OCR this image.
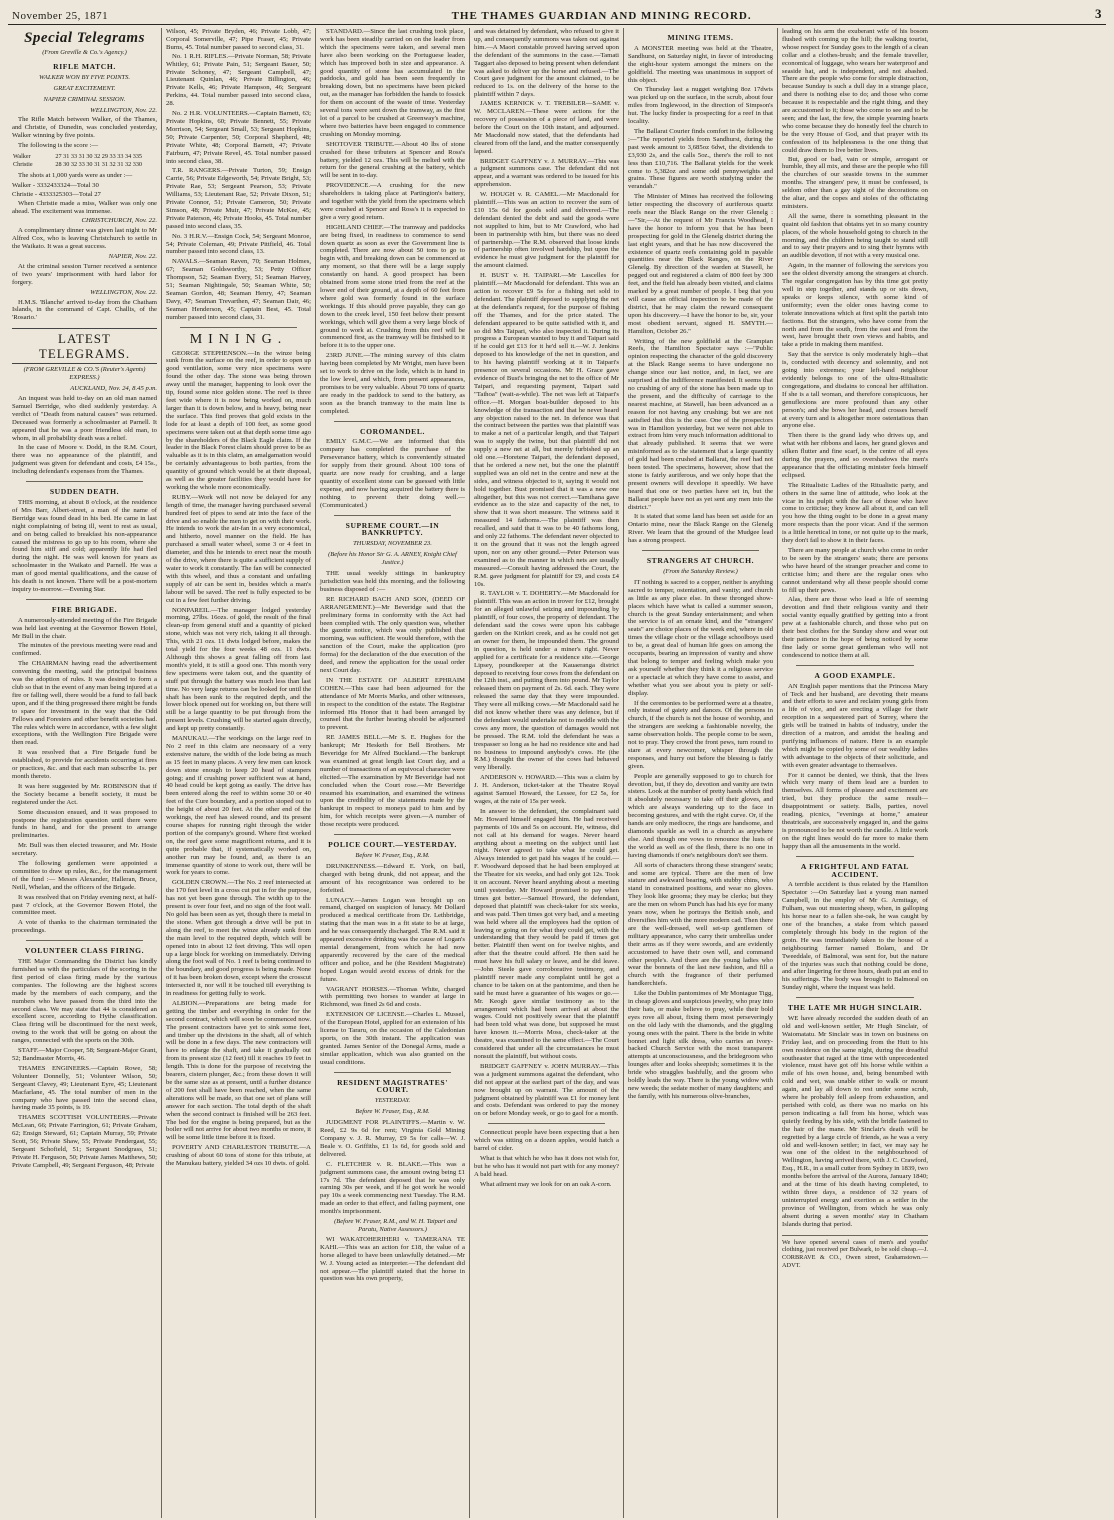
November 25, 1871	THE THAMES GUARDIAN AND MINING RECORD.	3
Special Telegrams
(From Greville & Co.'s Agency.)
RIFLE MATCH.
WALKER WON BY FIVE POINTS.
GREAT EXCITEMENT.
NAPIER CRIMINAL SESSION.
WELLINGTON, Nov. 22.

The Rifle Match between Walker, of the Thames, and Christie, of Dunedin, was concluded yesterday, Walker winning by five points.

The following is the score :—

Walker	27 31 33 31 30 32 29 33 33 34 335
Christie	28 30 32 33 30 31 31 32 31 32 330

The shots at 1,000 yards were as under :—

Walker - 3332433324—Total 30

Christie - 4333325303—Total 27

When Christie made a miss, Walker was only one ahead. The excitement was immense.

CHRISTCHURCH, Nov. 22.

A complimentary dinner was given last night to Mr Alfred Cox, who is leaving Christchurch to settle in the Waikato. It was a great success.

NAPIER, Nov. 22.

At the criminal session Turner received a sentence of two years' imprisonment with hard labor for forgery.

WELLINGTON, Nov. 22.

H.M.S. 'Blanche' arrived to-day from the Chatham Islands, in the command of Capt. Challis, of the 'Rosario.'

LATEST TELEGRAMS.
(FROM GREVILLE & CO.'S (Reuter's Agents) EXPRESS.)
AUCKLAND, Nov. 24, 8.45 p.m.

An inquest was held to-day on an old man named Samuel Berridge, who died suddenly yesterday. A verdict of "Death from natural causes" was returned. Deceased was formerly a schoolmaster at Parnell. It appeared that he was a poor friendless old man, to whom, in all probability death was a relief.

In the case of Moore v. Dodd, in the R.M. Court, there was no appearance of the plaintiff, and judgment was given for defendant and costs, £4 15s., including defendant's expenses from the Thames.

SUDDEN DEATH.

THIS morning, at about 8 o'clock, at the residence of Mrs Barr, Albert-street, a man of the name of Berridge was found dead in his bed. He came in last night complaining of being ill, went to rest as usual, and on being called to breakfast his non-appearance caused the mistress to go up to his room, where she found him stiff and cold; apparently life had fled during the night. He was well known for years as schoolmaster in the Waikato and Parnell. He was a man of good mental qualifications, and the cause of his death is not known. There will be a post-mortem inquiry to-morrow.—Evening Star.

FIRE BRIGADE.

A numerously-attended meeting of the Fire Brigade was held last evening at the Governor Bowen Hotel, Mr Bull in the chair.

The minutes of the previous meeting were read and confirmed.

The CHAIRMAN having read the advertisement convening the meeting, said the principal business was the adoption of rules. It was desired to form a club so that in the event of any man being injured at a fire or falling well, there would be a fund to fall back upon, and if the thing progressed there might be funds to spare for investment in the way that the Odd Fellows and Foresters and other benefit societies had. The rules which were in accordance, with a few slight exceptions, with the Wellington Fire Brigade were then read.

It was resolved that a Fire Brigade fund be established, to provide for accidents occurring at fires or practices, &c. and that each man subscribe 1s. per month thereto.

It was here suggested by Mr. ROBINSON that if the Society became a benefit society, it must be registered under the Act.

Some discussion ensued, and it was proposed to postpone the registration question until there were funds in hand, and for the present to arrange preliminaries.

Mr. Bull was then elected treasurer, and Mr. Hosie secretary.

The following gentlemen were appointed a committee to draw up rules, &c., for the management of the fund :— Messrs Alexander, Halleran, Bruce, Neill, Whelan, and the officers of the Brigade.

It was resolved that on Friday evening next, at half-past 7 o'clock, at the Governor Bowen Hotel, the committee meet.

A vote of thanks to the chairman terminated the proceedings.

VOLUNTEER CLASS FIRING.

THE Major Commanding the District has kindly furnished us with the particulars of the scoring in the first period of class firing made by the various companies. The following are the highest scores made by the members of each company, and the numbers who have passed from the third into the second class. We may state that 44 is considered an excellent score, according to Hythe classification. Class firing will be discontinued for the next week, owing to the work that will be going on about the ranges, connected with the sports on the 30th.

STAFF.—Major Cooper, 58; Sergeant-Major Grant, 52; Bandmaster Morris, 46.

THAMES ENGINEERS.—Captain Rowe, 58; Volunteer Donnelly, 51; Volunteer Wilson, 50; Sergeant Clavey, 49; Lieutenant Eyre, 45; Lieutenant Macfarlane, 45. The total number of men in the company who have passed into the second class, having made 35 points, is 19.

THAMES SCOTTISH VOLUNTEERS.—Private McLean, 66; Private Farrington, 61; Private Graham, 62; Ensign Steward, 61; Captain Murray, 59; Private Scott, 56; Private Shaw, 55; Private Pendergast, 55; Sergeant Schofield, 51; Sergeant Snodgrass, 51; Private H. Ferguson, 50; Private James Matthews, 50; Private Campbell, 49; Sergeant Ferguson, 48; Private

Wilson, 45; Private Bryden, 46; Private Lobb, 47; Corporal Somerville, 47; Pipe Fraser, 45; Private Burns, 45. Total number passed to second class, 31.

No. 1 R.H. RIFLES.—Private Norman, 58; Private Whitley, 61; Private Pain, 51; Sergeant Bauer, 50; Private Schoney, 47; Sergeant Campbell, 47; Lieutenant Quinlan, 46; Private Billington, 46; Private Kells, 46; Private Hampson, 46; Sergeant Perkins, 44. Total number passed into second class, 28.

No. 2 H.R. VOLUNTEERS.—Captain Barnett, 63; Private Hopkins, 60; Private Bennett, 55; Private Morrison, 54; Sergeant Small, 53; Sergeant Hopkins, 50; Private Carpenter, 50; Corporal Shepherd, 48; Private White, 48; Corporal Barnett, 47; Private Fairburn, 47; Private Revel, 45. Total number passed into second class, 38.

T.R. RANGERS.—Private Turton, 59; Ensign Carrie, 56; Private Edgeworth, 54; Private Bright, 53; Private Rae, 53; Sergeant Pearson, 53; Private Williams, 53; Lieutenant Rae, 52; Private Dixon, 51; Private Connor, 51; Private Cameron, 50; Private Simson, 48; Private Muir, 47; Private McKee, 45; Private Paterson, 46; Private Hooks, 45. Total number passed into second class, 35.

No. 3 H.R.V.—Ensign Cock, 54; Sergeant Monroe, 54; Private Coleman, 49; Private Pittfield, 46. Total number passed into second class, 13.

NAVALS.—Seaman Raven, 70; Seaman Holmes, 67; Seaman Goldsworthy, 53; Petty Officer Thompson, 52; Seaman Every, 51; Seaman Harvey, 51; Seaman Nightingale, 50; Seaman White, 50; Seaman Gordon, 48; Seaman Henry, 47; Seaman Davy, 47; Seaman Trevarthen, 47; Seaman Dair, 46; Seaman Henderson, 45; Captain Best, 45. Total number passed into second class, 31.

MINING.

GEORGE STEPHENSON.—In the winze being sunk from the surface on the reef, in order to open up good ventilation, some very nice specimens were found the other day. The stone was being thrown away until the manager, happening to look over the tip, found some nice golden stone. The reef is three feet wide where it is now being worked on, much larger than it is down below, and is heavy, being near the surface. This find proves that gold exists in the lode for at least a depth of 100 feet, as some good specimens were taken out at that depth some time ago by the shareholders of the Black Eagle claim. If the leader in the Black Forest claim should prove to be as valuable as it is in this claim, an amalgamation would be certainly advantageous to both parties, from the quantity of ground which would be at their disposal, as well as the greater facilities they would have for working the whole more economically.

RUBY.—Work will not now be delayed for any length of time, the manager having purchased several hundred feet of pipes to send air into the face of the drive and so enable the men to get on with their work. He intends to work the air-fan in a very economical, and hitherto, novel manner on the field. He has purchased a small water wheel, some 3 or 4 feet in diameter, and this he intends to erect near the mouth of the drive, where there is quite a sufficient supply of water to work it constantly. The fan will be connected with this wheel, and thus a constant and unfailing supply of air can be sent in, besides which a man's labour will be saved. The reef is fully expected to be cut in a few feet further driving.

NONPAREIL.—The manager lodged yesterday morning, 27lbs. 16ozs. of gold, the result of the final clean-up from general stuff and a quantity of picked stone, which was not very rich, taking it all through. This, with 21 ozs. 11 dwts lodged before, makes the total yield for the four weeks 48 ozs. 11 dwts. Although this shows a great falling off from last month's yield, it is still a good one. This month very few specimens were taken out, and the quantity of stuff put through the battery was much less than last time. No very large returns can be looked for until the shaft has been sunk to the required depth, and the lower block opened out for working on, but there will still be a large quantity to be put through from the present levels. Crushing will be started again directly, and kept up pretty constantly.

MANUKAU.—The workings on the large reef in No 2 reef in this claim are necessary of a very extensive nature, the width of the lode being as much as 15 feet in many places. A very few men can knock down stone enough to keep 20 head of stampers going; and if crushing power sufficient was at hand, 40 head could be kept going as easily. The drive has been entered along the reef to within some 30 or 40 feet of the Cure boundary, and a portion stoped out to the height of about 20 feet. At the other end of the workings, the reef has slewed round, and its present course shapes for running right through the wider portion of the company's ground. Where first worked on, the reef gave some magnificent returns, and it is quite probable that, if systematically worked on, another run may be found, and, as there is an immense quantity of stone to work out, there will be work for years to come.

GOLDEN CROWN.—The No. 2 reef intersected at the 170 feet level in a cross cut put in for the purpose, has not yet been gone through. The width up to the present is over four feet, and no sign of the foot wall. No gold has been seen as yet, though there is metal in the stone. When got through a drive will be put in along the reef, to meet the winze already sunk from the main level to the required depth, which will be opened into in about 12 feet driving. This will open up a large block for working on immediately. Driving along the foot wall of No. 1 reef is being continued to the boundary, and good progress is being made. None of it has been broken down, except where the crosscut intersected it, nor will it be touched till everything is in readiness for getting fully to work.

ALBION.—Preparations are being made for getting the timber and everything in order for the second contract, which will soon be commenced now. The present contractors have yet to sink some feet, and timber up the divisions in the shaft, all of which will be done in a few days. The new contractors will have to enlarge the shaft, and take it gradually out from its present size (12 feet) till it reaches 19 feet in length. This is done for the purpose of receiving the bearers, cistern plunger, &c.; from these down it will be the same size as at present, until a further distance of 200 feet shall have been reached, when the same alterations will be made, so that one set of plans will answer for each section. The total depth of the shaft when the second contract is finished will be 263 feet. The bed for the engine is being prepared, but as the boiler will not arrive for about two months or more, it will be some little time before it is fixed.

POVERTY AND CHARLESTON TRIBUTE.—A crushing of about 60 tons of stone for this tribute, at the Manukau battery, yielded 34 ozs 10 dwts. of gold.

STANDARD.—Since the last crushing took place, work has been steadily carried on on the leader from which the specimens were taken, and several men have also been working on the Portuguese leader, which has improved both in size and appearance. A good quantity of stone has accumulated in the paddocks, and gold has been seen frequently in breaking down, but no specimens have been picked out, as the manager has forbidden the hands to fossick for them on account of the waste of time. Yesterday several tons were sent down the tramway, as the first lot of a parcel to be crushed at Greenway's machine, where two batteries have been engaged to commence crushing on Monday morning.

SHOTOVER TRIBUTE.—About 40 lbs of stone crushed for these tributers at Spencer and Ross's battery, yielded 12 ozs. This will be melted with the return for the general crushing at the battery, which will be sent in to-day.

PROVIDENCE.—A crushing for the new shareholders is taking place at Partington's battery, and together with the yield from the specimens which were crushed at Spencer and Ross's it is expected to give a very good return.

HIGHLAND CHIEF.—The tramway and paddocks are being fixed, in readiness to commence to send down quartz as soon as ever the Government line is completed. There are now about 50 tons to go to begin with, and breaking down can be commenced at any moment, so that there will be a large supply constantly on hand. A good prospect has been obtained from some stone tried from the reef at the lower end of their ground, at a depth of 60 feet from where gold was formerly found in the surface workings. If this should prove payable, they can go down to the creek level, 150 feet below their present workings, which will give them a very large block of ground to work at. Crushing from this reef will be commenced first, as the tramway will be finished to it before it is to the upper one.

23RD JUNE.—The mining survey of this claim having been completed by Mr Wright, men have been set to work to drive on the lode, which is in hand in the low level, and which, from present appearances, promises to be very valuable. About 70 tons of quartz are ready in the paddock to send to the battery, as soon as the branch tramway to the main line is completed.

COROMANDEL.

EMILY G.M.C.—We are informed that this company has completed the purchase of the Perseverance battery, which is conveniently situated for supply from their ground. About 100 tons of quartz are now ready for crushing, and a large quantity of excellent stone can be guessed with little expense, and now having acquired the battery there is nothing to prevent their doing well.—(Communicated.)

SUPREME COURT.—IN BANKRUPTCY.
THURSDAY, NOVEMBER 23.
(Before his Honor Sir G. A. ARNEY, Knight Chief Justice.)

THE usual weekly sittings in bankruptcy jurisdiction was held this morning, and the following business disposed of :—

RE RICHARD BACH AND SON, (DEED OF ARRANGEMENT.)—Mr Beveridge said that the preliminary forms in conformity with the Act had been complied with. The only question was, whether the gazette notice, which was only published that morning, was sufficient. He would therefore, with the sanction of the Court, make the application (pro forma) for the declaration of the due execution of the deed, and renew the application for the usual order next Court day.

IN THE ESTATE OF ALBERT EPHRAIM COHEN.—This case had been adjourned for the attendance of Mr Morris Marks, and other witnesses, in respect to the condition of the estate. The Registrar informed His Honor that it had been arranged by counsel that the further hearing should be adjourned to prevent.

RE JAMES BELL.—Mr S. E. Hughes for the bankrupt; Mr Hesketh for Bell Brothers. Mr Beveridge for Mr Alfred Buckland.—The bankrupt was examined at great length last Court day, and a number of transactions of an equivocal character were elicited.—The examination by Mr Beveridge had not concluded when the Court rose.—Mr Beveridge resumed his examination, and examined the witness upon the credibility of the statements made by the bankrupt in respect to moneys paid to him and by him, for which receipts were given.—A number of those receipts were produced.

POLICE COURT.—YESTERDAY.
Before W. Fraser, Esq., R.M.

DRUNKENNESS.—Edward E. York, on bail, charged with being drunk, did not appear, and the amount of his recognizance was ordered to be forfeited.

LUNACY.—James Logan was brought up on remand, charged on suspicion of lunacy. Mr Dollard produced a medical certificate from Dr. Lethbridge, stating that the man was in a fit state to be at large, and he was consequently discharged. The R.M. said it appeared excessive drinking was the cause of Logan's mental derangement, from which he had now apparently recovered by the care of the medical officer and police, and he (the Resident Magistrate) hoped Logan would avoid excess of drink for the future.

VAGRANT HORSES.—Thomas White, charged with permitting two horses to wander at large in Richmond, was fined 2s 6d and costs.

EXTENSION OF LICENSE.—Charles L. Mussel, of the European Hotel, applied for an extension of his license to Tararu, on the occasion of the Caledonian sports, on the 30th instant. The application was granted. James Senior of the Donegal Arms, made a similar application, which was also granted on the usual conditions.

RESIDENT MAGISTRATES' COURT.
YESTERDAY.
Before W. Fraser, Esq., R.M.

JUDGMENT FOR PLAINTIFFS.—Martin v. W. Reed, £2 9s 6d for rent; Virginia Gold Mining Company v. J. R. Murray, £9 5s for calls—W. J. Beale v. O. Griffiths, £1 1s 6d, for goods sold and delivered.

C. FLETCHER v. R. BLAKE.—This was a judgment summons case, the amount owing being £1 17s 7d. The defendant deposed that he was only earning 30s per week, and if he got work he would pay 10s a week commencing next Tuesday. The R.M. made an order to that effect, and failing payment, one month's imprisonment.

(Before W. Fraser, R.M., and W. H. Taipari and Paratu, Native Assessors.)

WI WAKATOHERIHERI v. TAMERANA TE KAHI.—This was an action for £18, the value of a horse alleged to have been unlawfully detained.—Mr W. J. Young acted as interpreter.—The defendant did not appear.—The plaintiff stated that the horse in question was his own property,

and was detained by defendant, who refused to give it up, and consequently summons was taken out against him.—A Maori constable proved having served upon the defendant of the summons in the case.—Tamati Taggart also deposed to being present when defendant was asked to deliver up the horse and refused.—The Court gave judgment for the amount claimed, to be reduced to 1s. on the delivery of the horse to the plaintiff within 7 days.

JAMES KERNICK v. T. TREBILER—SAME v. W. MCCLAREN.—These were actions for the recovery of possession of a piece of land, and were before the Court on the 10th instant, and adjourned. Mr Macdonald now stated, that the defendants had cleared from off the land, and the matter consequently lapsed.

BRIDGET GAFFNEY v. J. MURRAY.—This was a judgment summons case. The defendant did not appear, and a warrant was ordered to be issued for his apprehension.

W. HOUGH v. R. CAMEL.—Mr Macdonald for plaintiff.—This was an action to recover the sum of £10 15s 6d for goods sold and delivered.—The defendant denied the debt and said the goods were not supplied to him, but to Mr Crawford, who had been in partnership with him, but there was no deed of partnership.—The R.M. observed that loose kinds of partnership often involved hardship, but upon the evidence he must give judgment for the plaintiff for the amount claimed.

H. BUST v. H. TAIPARI.—Mr Lascelles for plaintiff.—Mr Macdonald for defendant. This was an action to recover £9 5s for a fishing net sold to defendant. The plaintiff deposed to supplying the net at the defendant's request, for the purpose of fishing off the Thames, and for the price stated. The defendant appeared to be quite satisfied with it, and so did Mrs Taipari, who also inspected it. During its progress a European wanted to buy it and Taipari said if he could get £13 for it he'd sell it.—W. J. Jenkins deposed to his knowledge of the net in question, and to his having plaintiff working at it in Taipari's presence on several occasions. Mr H. Grace gave evidence of Bust's bringing the net to the office of Mr Taipari, and requesting payment, Taipari said "Taihoa" (wait-a-while). The net was left at Taipari's office.—H. Morgan boat-builder deposed to his knowledge of the transaction and that he never heard any objection raised to the net. In defence was that the contract between the parties was that plaintiff was to make a net of a particular length, and that Taipari was to supply the twine, but that plaintiff did not supply a new net at all, but merely furbished up an old one.—Horetene Taipari, the defendant deposed, that he ordered a new net, but the one the plaintiff supplied was an old net in the centre and new at the sides, and witness objected to it, saying it would not hold together. Bust promised that it was a new one altogether, but this was not correct.—Tamihana gave evidence as to the size and capacity of the net, to show that it was short measure. The witness said it measured 14 fathoms.—The plaintiff was then recalled, and said that it was to be 40 fathoms long, and only 22 fathoms. The defendant never objected to it on the ground that it was not the length agreed upon, nor on any other ground.—Peter Peterson was examined as to the manner in which nets are usually measured.—Consult having addressed the Court, the R.M. gave judgment for plaintiff for £9, and costs £4 10s.

R. TAYLOR v. T. DOHERTY.—Mr Macdonald for plaintiff. This was an action in trover for £12, brought for an alleged unlawful seizing and impounding by plaintiff, of four cows, the property of defendant. The defendant said the cows were upon his cabbage garden on the Kirikiri creek, and as he could not get an owner for them, he impounded them. The ground in question, is held under a miner's right. Never applied for a certificate for a residence site.—George Lipsey, poundkeeper at the Kauaeranga district deposed to receiving four cows from the defendant on the 12th inst., and putting them into pound. Mr Taylor released them on payment of 2s. 6d. each. They were released the same day that they were impounded. They were all milking cows.—Mr Macdonald said he did not know whether there was any defence, but if the defendant would undertake not to meddle with the cows any more, the question of damages would not be pressed. The R.M. told the defendant he was a trespasser so long as he had no residence site and had no business to impound anybody's cows. He (the R.M.) thought the owner of the cows had behaved very liberally.

ANDERSON v. HOWARD.—This was a claim by J. H. Anderson, ticket-taker at the Theatre Royal against Samuel Howard, the Lessee, for £2 5s, for wages, at the rate of 15s per week.

In answer to the defendant, the complainant said Mr. Howard himself engaged him. He had received payments of 10s and 5s on account. He, witness, did not call at his demand for wages. Never heard anything about a meeting on the subject until last night. Never agreed to take what he could get. Always intended to get paid his wages if he could.—F. Woodward deposed that he had been employed at the Theatre for six weeks, and had only got 12s. Took it on account. Never heard anything about a meeting until yesterday. Mr Howard promised to pay when times got better.—Samuel Howard, the defendant, deposed that plaintiff was check-taker for six weeks, and was paid. Then times got very bad, and a meeting was held where all the employees had the option of leaving or going on for what they could get, with the understanding that they would be paid if times got better. Plaintiff then went on for twelve nights, and after that the theatre could afford. He then said he must have his full salary or leave, and he did leave. —John Steele gave corroborative testimony, and plaintiff never made any complaint until he got a chance to be taken on at the pantomime, and then he said he must have a guarantee of his wages or go.—Mr. Keogh gave similar testimony as to the arrangement which had been arrived at about the wages. Could not positively swear that the plaintiff had been told what was done, but supposed he must have known it.—Morris Moss, check-taker at the theatre, was examined to the same effect.—The Court considered that under all the circumstances he must nonsuit the plaintiff, but without costs.

BRIDGET GAFFNEY v. JOHN MURRAY.—This was a judgment summons against the defendant, who did not appear at the earliest part of the day, and was now brought up on warrant. The amount of the judgment obtained by plaintiff was £1 for money lent and costs. Defendant was ordered to pay the money on or before Monday week, or go to gaol for a month.

Connecticut people have been expecting that a hen which was sitting on a dozen apples, would hatch a barrel of cider.

What is that which he who has it does not wish for, but he who has it would not part with for any money? A bald head.

What ailment may we look for on an oak A-corn.

MINING ITEMS.

A MONSTER meeting was held at the Theatre, Sandhurst, on Saturday night, in favor of introducing the eight-hour system amongst the miners on the goldfield. The meeting was unanimous in support of this object.

On Thursday last a nugget weighing 8oz 17dwts was picked up on the surface, in the scrub, about four miles from Inglewood, in the direction of Simpson's hut. The lucky finder is prospecting for a reef in that locality.

The Ballarat Courier finds comfort in the following :—"The reported yields from Sandhurst, during the past week amount to 3,685oz 6dwt, the dividends to £3,930 2s, and the calls 5oz., there's the roll to not less than £10,716. The Ballarat yields for the week come to 5,382oz and some odd pennyweights and grains. These figures are worth studying under the verandah."

The Minister of Mines has received the following letter respecting the discovery of auriferous quartz reefs near the Black Range on the river Glenelg :—"Sir,—At the request of Mr Francis Woodhead, I have the honor to inform you that he has been prospecting for gold in the Glenelg district during the last eight years, and that he has now discovered the existence of quartz reefs containing gold in payable quantities near the Black Ranges, on the River Glenelg. By direction of the warden at Stawell, he pegged out and registered a claim of 800 feet by 300 feet, and the field has already been visited, and claims marked by a great number of people. I beg that you will cause an official inspection to be made of the district, that he may claim the reward consequent upon his discovery.—I have the honor to be, sir, your most obedient servant, signed H. SMYTH.—Hamilton, October 26."

Writing of the new goldfield at the Grampian Reefs, the Hamilton Spectator says :—"Public opinion respecting the character of the gold discovery at the Black Range seems to have undergone no change since our last notice, and, in fact, we are surprised at the indifference manifested. It seems that no crushing of any of the stone has been made up to the present, and the difficulty of carriage to the nearest machine, at Stawell, has been advanced as a reason for not having any crushing; but we are not satisfied that this is the case. One of the prospectors was in Hamilton yesterday, but we were not able to extract from him very much information additional to that already published. It seems that we were misinformed as to the statement that a large quantity of gold had been crushed at Ballarat, the reef had not been tested. The specimens, however, show that the stone is fairly auriferous, and we only hope that the present owners will develope it speedily. We have heard that one or two parties have set in, but the Ballarat people have not as yet sent any men into the district."

It is stated that some land has been set aside for an Ontario mine, near the Black Range on the Glenelg River. We learn that the ground of the Mudgee lead has a strong prospect.

STRANGERS AT CHURCH.
(From the Saturday Review.)

IT nothing is sacred to a copper, neither is anything sacred to temper, ostentation, and vanity; and church as little as any place else. In these thronged show-places which have what is called a summer season, church is the great Sunday entertainment; and when the service is of an ornate kind, and the "strangers' seats" are choice places of the week end, where in old times the village choir or the village schoolboys used to be, a great deal of human life goes on among the occupants, bearing an impression of vanity and show that belong to temper and feeling which make you ask yourself whether they think it a religious service or a spectacle at which they have come to assist, and whether what you see about you is piety or self-display.

If the ceremonies to be performed were at a theatre, only instead of gaiety and dances. Of the persons in church, if the church is not the house of worship, and the strangers are seeking a fashionable novelty, the same observation holds. The people come to be seen, not to pray. They crowd the front pews, turn round to stare at every newcomer, whisper through the responses, and hurry out before the blessing is fairly given.

People are generally supposed to go to church for devotion, but, if they do, devotion and vanity are twin sisters. Look at the number of pretty hands which find it absolutely necessary to take off their gloves, and which are always wandering up to the face in becoming gestures, and with the right curve. Or, if the hands are only mediocre, the rings are handsome, and diamonds sparkle as well in a church as anywhere else. And though one vows to renounce the lusts of the world as well as of the flesh, there is no one in having diamonds if one's neighbours don't see them.

All sorts of characters throng these strangers' seats; and some are typical. There are the men of low stature and awkward bearing, with stubby chins, who stand in constrained positions, and wear no gloves. They look like grooms; they may be clerks; but they are the men on whom Punch has had his eye for many years now, when he portrays the British snob, and diversifies him with the more modern cad. Then there are the well-dressed, well set-up gentlemen of military appearance, who carry their umbrellas under their arms as if they were swords, and are evidently accustomed to have their own will, and command other people's. And there are the young ladies who wear the bonnets of the last new fashion, and fill a church with the fragrance of their perfumed handkerchiefs.

Like the Dublin pantomimes of Mr Montague Tigg, in cheap gloves and suspicious jewelry, who pray into their hats, or make believe to pray, while their bold eyes rove all about, fixing them most perseveringly on the old lady with the diamonds, and the giggling young ones with the paint. There is the bride in white bonnet and light silk dress, who carries an ivory-backed Church Service with the most transparent attempts at unconsciousness, and the bridegroom who lounges after and looks sheepish; sometimes it is the bride who straggles bashfully, and the groom who boldly leads the way. There is the young widow with new weeds; the sedate mother of many daughters; and the family, with his numerous olive-branches,

leading on his arm the exuberant wife of his bosom flushed with coming up the hill; the walking tourist, whose respect for Sunday goes to the length of a clean collar and a clothes-brush; and the female traveller, economical of luggage, who wears her waterproof and seaside hat, and is independent, and not abashed. There are the people who come for simple distraction, because Sunday is such a dull day in a strange place, and there is nothing else to do; and those who come because it is respectable and the right thing, and they are accustomed to it; those who come to see and to be seen; and the last, the few, the simple yearning hearts who come because they do honestly feel the church to be the very House of God, and that prayer with its confession of its helplessness is the one thing that could draw them to live better lives.

But, good or bad, vain or simple, arrogant or humble, they all mix, and these are the people who fill the churches of our seaside towns in the summer months. The strangers' pew, it must be confessed, is seldom other than a gay sight of the decorations on the altar, and the copes and stoles of the officiating ministers.

All the same, there is something pleasant in the quaint old fashion that obtains yet in so many country places, of the whole household going to church in the morning, and the children being taught to stand still and to say their prayers and to sing their hymns with an audible devotion, if not with a very musical one.

Again, in the manner of following the services you see the oldest diversity among the strangers at church. The regular congregation has by this time got pretty well in step together, and stands up or sits down, speaks or keeps silence, with some kind of uniformity; even the older ones having come to tolerate innovations which at first split the parish into factions. But the strangers, who have come from the north and from the south, from the east and from the west, have brought their own views and habits, and take a pride in making them manifest.

Say that the service is only moderately high—that is, conducted with decency and solemnity, and not going into extremes; your left-hand neighbour evidently belongs to one of the ultra-Ritualistic congregations, and disdains to conceal her affiliation. If she is a tall woman, and therefore conspicuous, her genuflexions are more profound than any other person's; and she bows her head, and crosses herself at every turn and is altogether more ostentatious than anyone else.

Then there is the grand lady who drives up, and what with her ribbons and laces, her grand gloves and silken flutter and fine scarf, is the centre of all eyes during the prayers, and so overshadows the men's appearance that the officiating minister feels himself eclipsed.

The Ritualistic Ladies of the Ritualistic party, and others in the same line of attitude, who look at the vicar in his pulpit with the face of those who have come to criticise; they know all about it, and can tell you how the thing ought to be done in a great many more respects than the poor vicar. And if the sermon is a little heretical in tone, or not quite up to the mark, they don't fail to show it in their faces.

There are many people at church who come in order to be seen by the strangers' seats; there are persons who have heard of the stranger preacher and come to criticise him; and there are the regular ones who cannot understand why all these people should come to fill up their pews.

Alas, there are those who lead a life of seeming devotion and find their religious vanity and their social vanity equally gratified by getting into a front pew at a fashionable church, and those who put on their best clothes for the Sunday show and wear out their patience in the hope of being noticed by some fine lady or some great gentleman who will not condescend to notice them at all.

A GOOD EXAMPLE.

AN English paper mentions that the Princess Mary of Teck and her husband, are devoting their means and their efforts to save and reclaim young girls from a life of vice, and are erecting a village for their reception in a sequestered part of Surrey, where the girls will be trained in habits of industry, under the direction of a matron, and amidst the healing and purifying influences of nature. Here is an example which might be copied by some of our wealthy ladies with advantage to the objects of their solicitude, and with even greater advantage to themselves.

For it cannot be denied, we think, that the lives which very many of them lead are a burden to themselves. All forms of pleasure and excitement are tried, but they produce the same result—disappointment or satiety. Balls, parties, novel reading, picnics, "evenings at home," amateur theatricals, are successively engaged in, and the gains is pronounced to be not worth the candle. A little work on the right lines would do far more to make them happy than all the amusements in the world.

A FRIGHTFUL AND FATAL ACCIDENT.

A terrible accident is thus related by the Hamilton Spectator :—On Saturday last a young man named Campbell, in the employ of Mr G. Armitage, of Fulham, was out mustering sheep, when, in galloping his horse near to a fallen she-oak, he was caught by one of the branches, a stake from which passed completely through his body in the region of the groin. He was immediately taken to the house of a neighbouring farmer named Bolam, and Dr Tweeddale, of Balmoral, was sent for, but the nature of the injuries was such that nothing could be done, and after lingering for three hours, death put an end to his sufferings. The body was brought to Balmoral on Sunday night, where the inquest was held.

THE LATE MR HUGH SINCLAIR.

WE have already recorded the sudden death of an old and well-known settler, Mr Hugh Sinclair, of Waiomatatu. Mr Sinclair was in town on business on Friday last, and on proceeding from the Hutt to his own residence on the same night, during the dreadful southeaster that raged at the time with unprecedented violence, must have got off his horse while within a mile of his own house, and, being benumbed with cold and wet, was unable either to walk or mount again, and lay all down to rest under some scrub, where he probably fell asleep from exhaustion, and perished with cold, as there was no marks on his person indicating a fall from his horse, which was quietly feeding by his side, with the bridle fastened to the hair of the mane. Mr Sinclair's death will be regretted by a large circle of friends, as he was a very old and well-known settler; in fact, we may say he was one of the oldest in the neighbourhood of Wellington, having arrived there, with J. C. Crawford, Esq., H.R., in a small cutter from Sydney in 1839, two months before the arrival of the Aurora, January 1840; and at the time of his death having completed, to within three days, a residence of 32 years of uninterrupted energy and exertion as a settler in the province of Wellington, from which he was only absent during a seven months' stay in Chatham Islands during that period.

We have opened several cases of men's and youths' clothing, just received per Bulwark, to be sold cheap.—J. CORBRAVE & CO., Owen street, Grahamstown.—ADVT.
